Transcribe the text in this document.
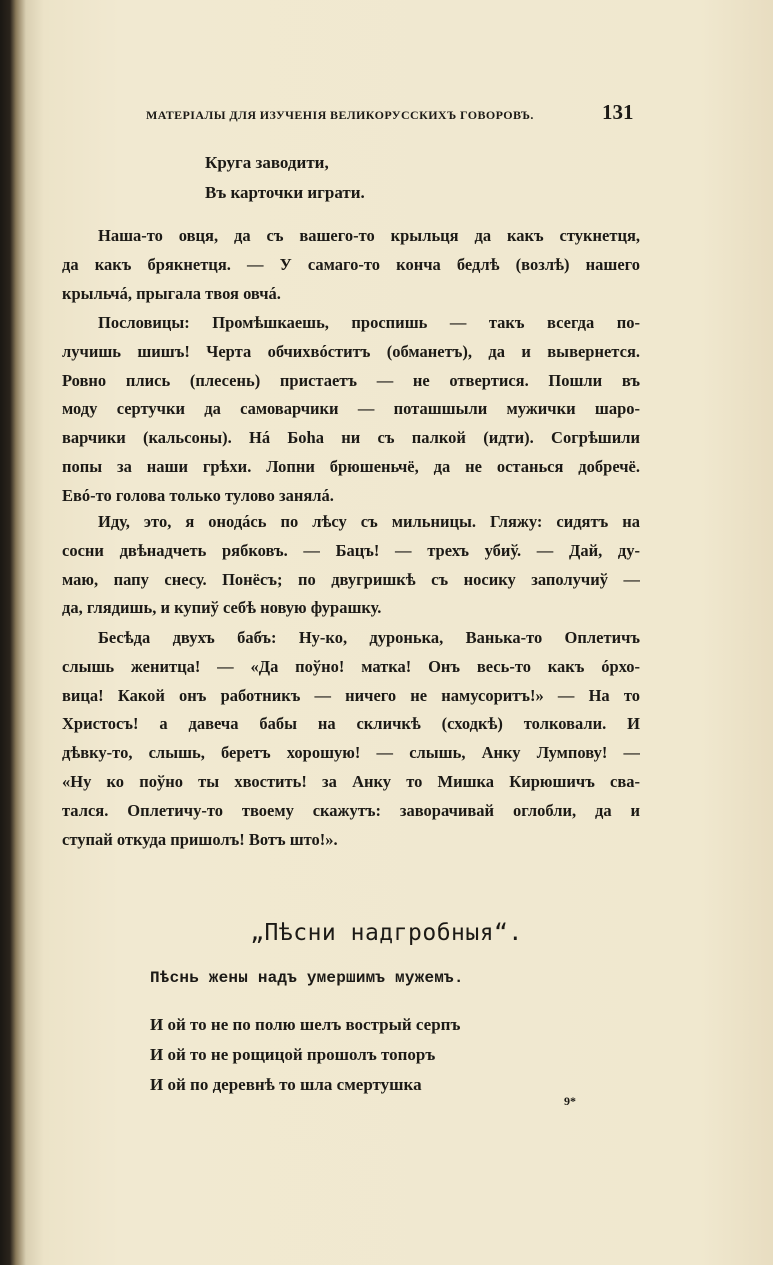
МАТЕРІАЛЫ ДЛЯ ИЗУЧЕНІЯ ВЕЛИКОРУССКИХЪ ГОВОРОВЪ.	131
Круга заводити,
Въ карточки играти.
Наша-то овця, да съ вашего-то крыльця да какъ стукнетця,
да какъ брякнетця. — У самаго-то конча бедлѣ (возлѣ) нашего
крыльчá, прыгала твоя овчá.
Пословицы: Промѣшкаешь, проспишь — такъ всегда по-
лучишь шишъ! Черта обчихвóститъ (обманетъ), да и вывернется.
Ровно плись (плесень) пристаетъ — не отвертися. Пошли въ
моду сертучки да самоварчики — поташшыли мужички шаро-
варчики (кальсоны). Нá Боhа ни съ палкой (идти). Согрѣшили
попы за наши грѣхи. Лопни брюшеньчё, да не останься добречё.
Евó-то голова только тулово занялá.
Иду, это, я онодáсь по лѣсу съ мильницы. Гляжу: сидятъ на
сосни двѣнадчеть рябковъ. — Бацъ! — трехъ убиў. — Дай, ду-
маю, папу снесу. Понёсъ; по двугришкѣ съ носику заполучиў —
да, глядишь, и купиў себѣ новую фурашку.
Бесѣда двухъ бабъ: Ну-ко, дуронька, Ванька-то Оплетичъ
слышь женитца! — «Да поўно! матка! Онъ весь-то какъ óрхо-
вица! Какой онъ работникъ — ничего не намусоритъ!» — На то
Христосъ! а давеча бабы на скличкѣ (сходкѣ) толковали. И
дѣвку-то, слышь, беретъ хорошую! — слышь, Анку Лумпову! —
«Ну ко поўно ты хвостить! за Анку то Мишка Кирюшичъ сва-
тался. Оплетичу-то твоему скажутъ: заворачивай оглобли, да и
ступай откуда пришолъ! Вотъ што!».
„Пѣсни надгробныя“.
Пѣснь жены надъ умершимъ мужемъ.
И ой то не по полю шелъ вострый серпъ
И ой то не рощицой прошолъ топоръ
И ой по деревнѣ то шла смертушка
9*
